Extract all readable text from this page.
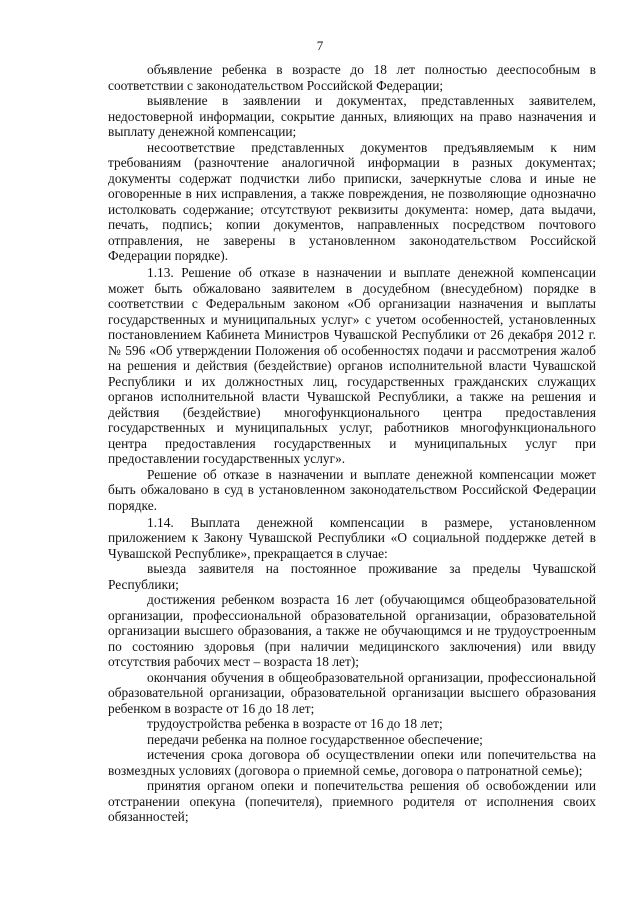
7

объявление ребенка в возрасте до 18 лет полностью дееспособным в соответствии с законодательством Российской Федерации;

выявление в заявлении и документах, представленных заявителем, недостоверной информации, сокрытие данных, влияющих на право назначения и выплату денежной компенсации;

несоответствие представленных документов предъявляемым к ним требованиям (разночтение аналогичной информации в разных документах; документы содержат подчистки либо приписки, зачеркнутые слова и иные не оговоренные в них исправления, а также повреждения, не позволяющие однозначно истолковать содержание; отсутствуют реквизиты документа: номер, дата выдачи, печать, подпись; копии документов, направленных посредством почтового отправления, не заверены в установленном законодательством Российской Федерации порядке).

1.13. Решение об отказе в назначении и выплате денежной компенсации может быть обжаловано заявителем в досудебном (внесудебном) порядке в соответствии с Федеральным законом «Об организации назначения и выплаты государственных и муниципальных услуг» с учетом особенностей, установленных постановлением Кабинета Министров Чувашской Республики от 26 декабря 2012 г. № 596 «Об утверждении Положения об особенностях подачи и рассмотрения жалоб на решения и действия (бездействие) органов исполнительной власти Чувашской Республики и их должностных лиц, государственных гражданских служащих органов исполнительной власти Чувашской Республики, а также на решения и действия (бездействие) многофункционального центра предоставления государственных и муниципальных услуг, работников многофункционального центра предоставления государственных и муниципальных услуг при предоставлении государственных услуг».

Решение об отказе в назначении и выплате денежной компенсации может быть обжаловано в суд в установленном законодательством Российской Федерации порядке.

1.14. Выплата денежной компенсации в размере, установленном приложением к Закону Чувашской Республики «О социальной поддержке детей в Чувашской Республике», прекращается в случае:

выезда заявителя на постоянное проживание за пределы Чувашской Республики;

достижения ребенком возраста 16 лет (обучающимся общеобразовательной организации, профессиональной образовательной организации, образовательной организации высшего образования, а также не обучающимся и не трудоустроенным по состоянию здоровья (при наличии медицинского заключения) или ввиду отсутствия рабочих мест – возраста 18 лет);

окончания обучения в общеобразовательной организации, профессиональной образовательной организации, образовательной организации высшего образования ребенком в возрасте от 16 до 18 лет;

трудоустройства ребенка в возрасте от 16 до 18 лет;

передачи ребенка на полное государственное обеспечение;

истечения срока договора об осуществлении опеки или попечительства на возмездных условиях (договора о приемной семье, договора о патронатной семье);

принятия органом опеки и попечительства решения об освобождении или отстранении опекуна (попечителя), приемного родителя от исполнения своих обязанностей;
